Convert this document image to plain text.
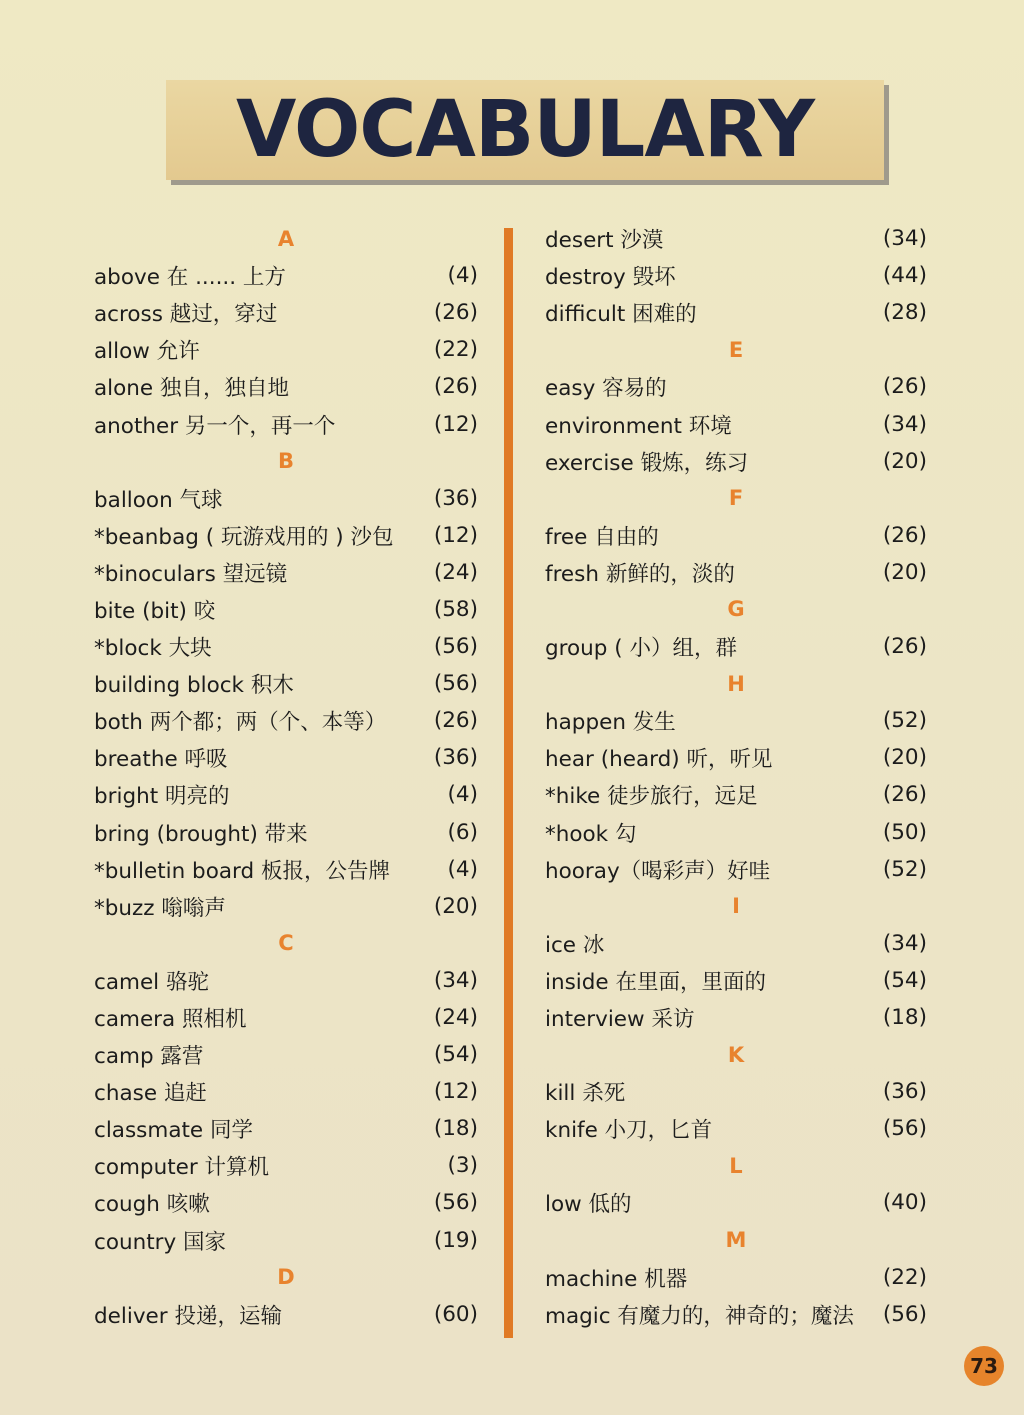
VOCABULARY
A
above 在 ...... 上方	(4)
across 越过，穿过	(26)
allow 允许	(22)
alone 独自，独自地	(26)
another 另一个，再一个	(12)
B
balloon 气球	(36)
*beanbag ( 玩游戏用的 ) 沙包	(12)
*binoculars 望远镜	(24)
bite (bit) 咬	(58)
*block 大块	(56)
building block 积木	(56)
both 两个都；两（个、本等）	(26)
breathe 呼吸	(36)
bright 明亮的	(4)
bring (brought) 带来	(6)
*bulletin board 板报，公告牌	(4)
*buzz 嗡嗡声	(20)
C
camel 骆驼	(34)
camera 照相机	(24)
camp 露营	(54)
chase 追赶	(12)
classmate 同学	(18)
computer 计算机	(3)
cough 咳嗽	(56)
country 国家	(19)
D
deliver 投递，运输	(60)
desert 沙漠	(34)
destroy 毁坏	(44)
difficult 困难的	(28)
E
easy 容易的	(26)
environment 环境	(34)
exercise 锻炼，练习	(20)
F
free 自由的	(26)
fresh 新鲜的，淡的	(20)
G
group ( 小）组，群	(26)
H
happen 发生	(52)
hear (heard) 听，听见	(20)
*hike 徒步旅行，远足	(26)
*hook 勾	(50)
hooray（喝彩声）好哇	(52)
I
ice 冰	(34)
inside 在里面，里面的	(54)
interview 采访	(18)
K
kill 杀死	(36)
knife 小刀，匕首	(56)
L
low 低的	(40)
M
machine 机器	(22)
magic 有魔力的，神奇的；魔法	(56)
73
